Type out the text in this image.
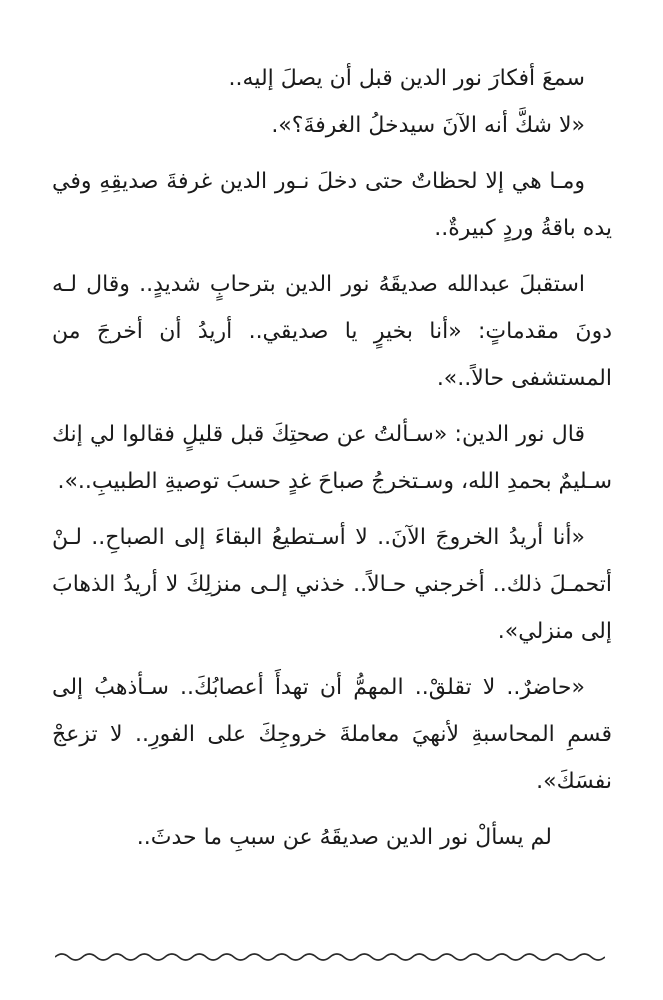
سمعَ أفكارَ نور الدين قبل أن يصلَ إليه..

«لا شكَّ أنه الآنَ سيدخلُ الغرفةَ؟».

ومـا هي إلا لحظاتٌ حتى دخلَ نـور الدين غرفةَ صديقِهِ وفي يده باقةُ وردٍ كبيرةٌ..

استقبلَ عبدالله صديقَهُ نور الدين بترحابٍ شديدٍ.. وقال لـه دونَ مقدماتٍ: «أنا بخيرٍ يا صديقي.. أريدُ أن أخرجَ من المستشفى حالاً..».

قال نور الدين: «سـألتُ عن صحتِكَ قبل قليلٍ فقالوا لي إنك سـليمٌ بحمدِ الله، وسـتخرجُ صباحَ غدٍ حسبَ توصيةِ الطبيبِ..».

«أنا أريدُ الخروجَ الآنَ.. لا أسـتطيعُ البقاءَ إلى الصباحِ.. لـنْ أتحمـلَ ذلك.. أخرجني حـالاً.. خذني إلـى منزلِكَ لا أريدُ الذهابَ إلى منزلي».

«حاضرٌ.. لا تقلقْ.. المهمُّ أن تهدأَ أعصابُكَ.. سـأذهبُ إلى قسمِ المحاسبةِ لأنهيَ معاملةَ خروجِكَ على الفورِ.. لا تزعجْ نفسَكَ».

لم يسألْ نور الدين صديقَهُ عن سببِ ما حدثَ..
